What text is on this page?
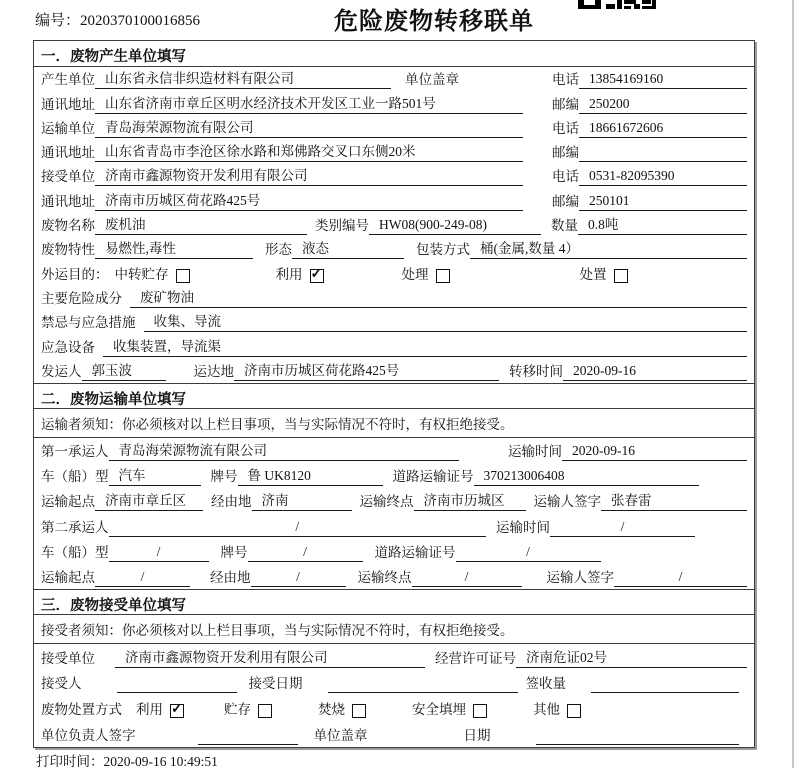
编号：2020370100016856	危险废物转移联单
一．废物产生单位填写
产生单位 山东省永信非织造材料有限公司	单位盖章	电话 13854169160
通讯地址 山东省济南市章丘区明水经济技术开发区工业一路501号	邮编 250200
运输单位 青岛海荣源物流有限公司	电话 18661672606
通讯地址 山东省青岛市李沧区徐水路和郑佛路交叉口东侧20米	邮编
接受单位 济南市鑫源物资开发利用有限公司	电话 0531-82095390
通讯地址 济南市历城区荷花路425号	邮编 250101
废物名称 废机油	类别编号 HW08(900-249-08)	数量 0.8吨
废物特性 易燃性,毒性	形态 液态	包装方式 桶(金属,数量 4）
外运目的： 中转贮存	利用 ✓	处理	处置
主要危险成分	废矿物油
禁忌与应急措施	收集、导流
应急设备	收集装置，导流渠
发运人 郭玉波	运达地 济南市历城区荷花路425号	转移时间 2020-09-16
二．废物运输单位填写
运输者须知：你必须核对以上栏目事项，当与实际情况不符时，有权拒绝接受。
第一承运人 青岛海荣源物流有限公司	运输时间 2020-09-16
车（船）型 汽车	牌号 鲁 UK8120	道路运输证号 370213006408
运输起点 济南市章丘区	经由地 济南	运输终点 济南市历城区	运输人签字 张春雷
第二承运人	/	运输时间	/
车（船）型	/	牌号	/	道路运输证号	/
运输起点	/	经由地	/	运输终点	/	运输人签字	/
三．废物接受单位填写
接受者须知：你必须核对以上栏目事项，当与实际情况不符时，有权拒绝接受。
接受单位	济南市鑫源物资开发利用有限公司	经营许可证号 济南危证02号
接受人	接受日期	签收量
废物处置方式 利用 ✓	贮存	焚烧	安全填埋	其他
单位负责人签字	单位盖章	日期
打印时间：2020-09-16 10:49:51
